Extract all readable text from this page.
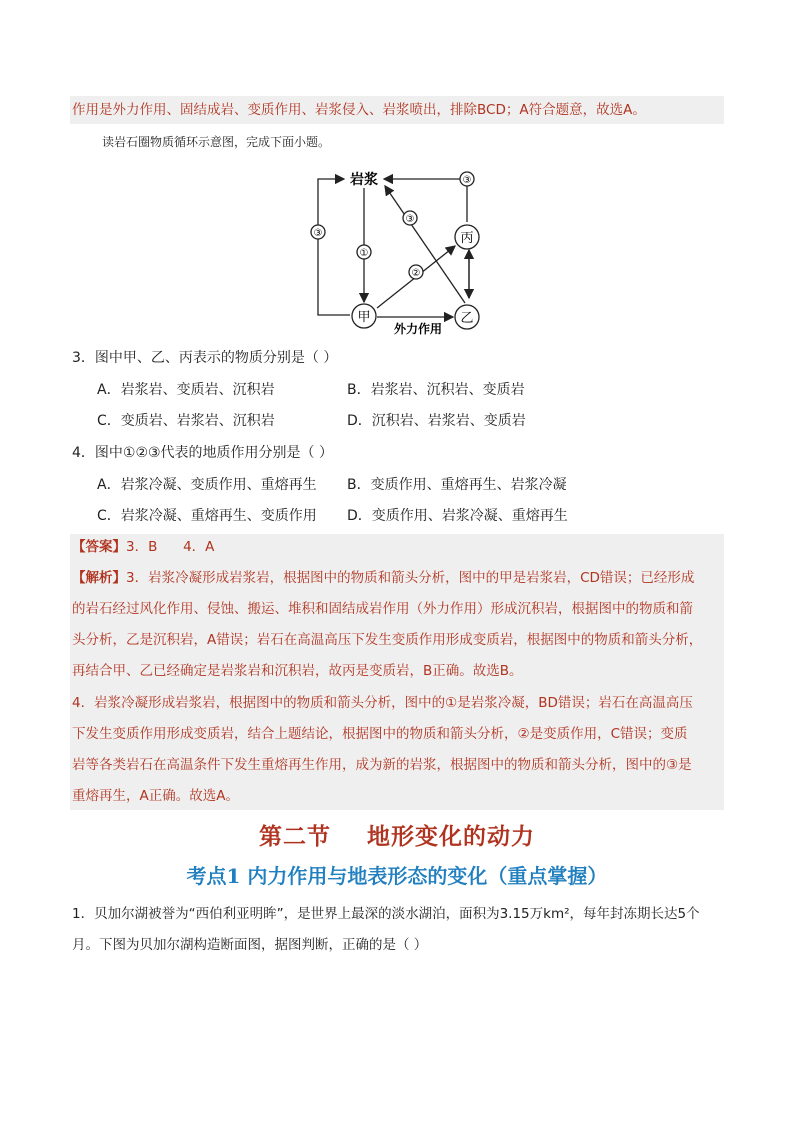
作用是外力作用、固结成岩、变质作用、岩浆侵入、岩浆喷出，排除BCD；A符合题意，故选A。
读岩石圈物质循环示意图，完成下面小题。
岩浆
甲	乙
丙
外力作用
③
①
②
③
③
3．图中甲、乙、丙表示的物质分别是（ ）
A．岩浆岩、变质岩、沉积岩	B．岩浆岩、沉积岩、变质岩
C．变质岩、岩浆岩、沉积岩	D．沉积岩、岩浆岩、变质岩
4．图中①②③代表的地质作用分别是（ ）
A．岩浆冷凝、变质作用、重熔再生 B．变质作用、重熔再生、岩浆冷凝
C．岩浆冷凝、重熔再生、变质作用 D．变质作用、岩浆冷凝、重熔再生
【答案】3．B      4．A
【解析】3．岩浆冷凝形成岩浆岩，根据图中的物质和箭头分析，图中的甲是岩浆岩，CD错误；已经形成
的岩石经过风化作用、侵蚀、搬运、堆积和固结成岩作用（外力作用）形成沉积岩，根据图中的物质和箭
头分析，乙是沉积岩，A错误；岩石在高温高压下发生变质作用形成变质岩，根据图中的物质和箭头分析，
再结合甲、乙已经确定是岩浆岩和沉积岩，故丙是变质岩，B正确。故选B。
4．岩浆冷凝形成岩浆岩，根据图中的物质和箭头分析，图中的①是岩浆冷凝，BD错误；岩石在高温高压
下发生变质作用形成变质岩，结合上题结论，根据图中的物质和箭头分析，②是变质作用，C错误；变质
岩等各类岩石在高温条件下发生重熔再生作用，成为新的岩浆，根据图中的物质和箭头分析，图中的③是
重熔再生，A正确。故选A。
第二节    地形变化的动力
考点1 内力作用与地表形态的变化（重点掌握）
1．贝加尔湖被誉为“西伯利亚明眸”，是世界上最深的淡水湖泊，面积为3.15万km²，每年封冻期长达5个
月。下图为贝加尔湖构造断面图，据图判断，正确的是（ ）
